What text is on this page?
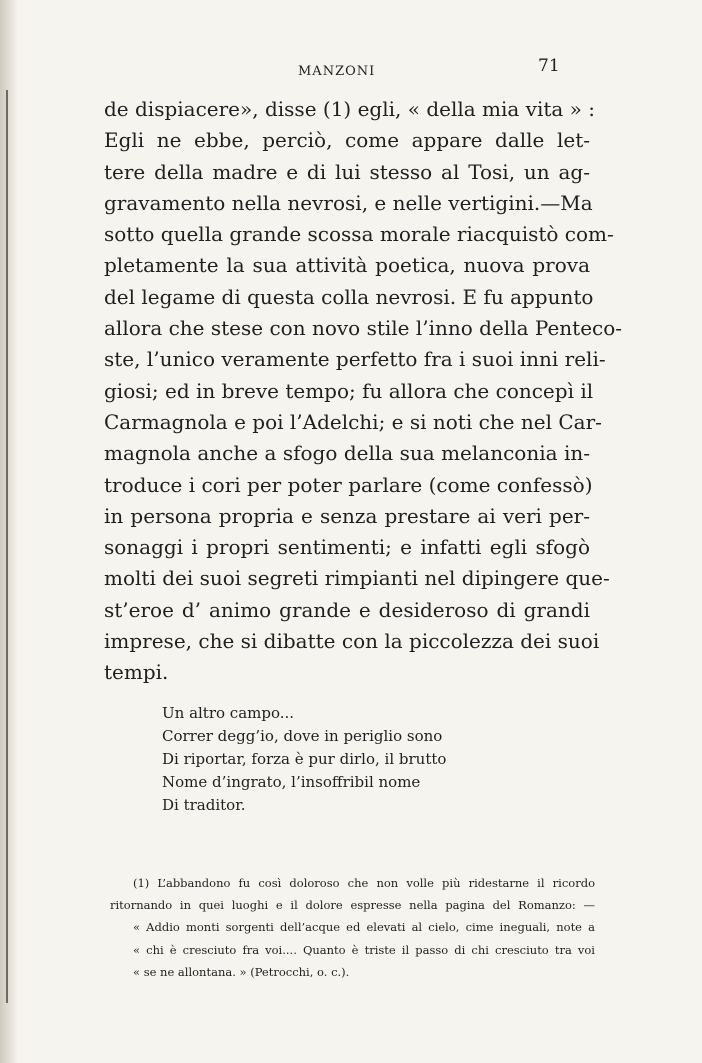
MANZONI	71
de dispiacere», disse (1) egli, « della mia vita » :
Egli ne ebbe, perciò, come appare dalle let-
tere della madre e di lui stesso al Tosi, un ag-
gravamento nella nevrosi, e nelle vertigini.—Ma
sotto quella grande scossa morale riacquistò com-
pletamente la sua attività poetica, nuova prova
del legame di questa colla nevrosi. E fu appunto
allora che stese con novo stile l’inno della Penteco-
ste, l’unico veramente perfetto fra i suoi inni reli-
giosi; ed in breve tempo; fu allora che concepì il
Carmagnola e poi l’Adelchi; e si noti che nel Car-
magnola anche a sfogo della sua melanconia in-
troduce i cori per poter parlare (come confessò)
in persona propria e senza prestare ai veri per-
sonaggi i propri sentimenti; e infatti egli sfogò
molti dei suoi segreti rimpianti nel dipingere que-
st’eroe d’ animo grande e desideroso di grandi
imprese, che si dibatte con la piccolezza dei suoi
tempi.
Un altro campo...
Correr degg’io, dove in periglio sono
Di riportar, forza è pur dirlo, il brutto
Nome d’ingrato, l’insoffribil nome
Di traditor.
(1) L’abbandono fu così doloroso che non volle più ridestarne il ricordo
ritornando in quei luoghi e il dolore espresse nella pagina del Romanzo: —
« Addio monti sorgenti dell’acque ed elevati al cielo, cime ineguali, note a
« chi è cresciuto fra voi.... Quanto è triste il passo di chi cresciuto tra voi
« se ne allontana. » (Petrocchi, o. c.).
